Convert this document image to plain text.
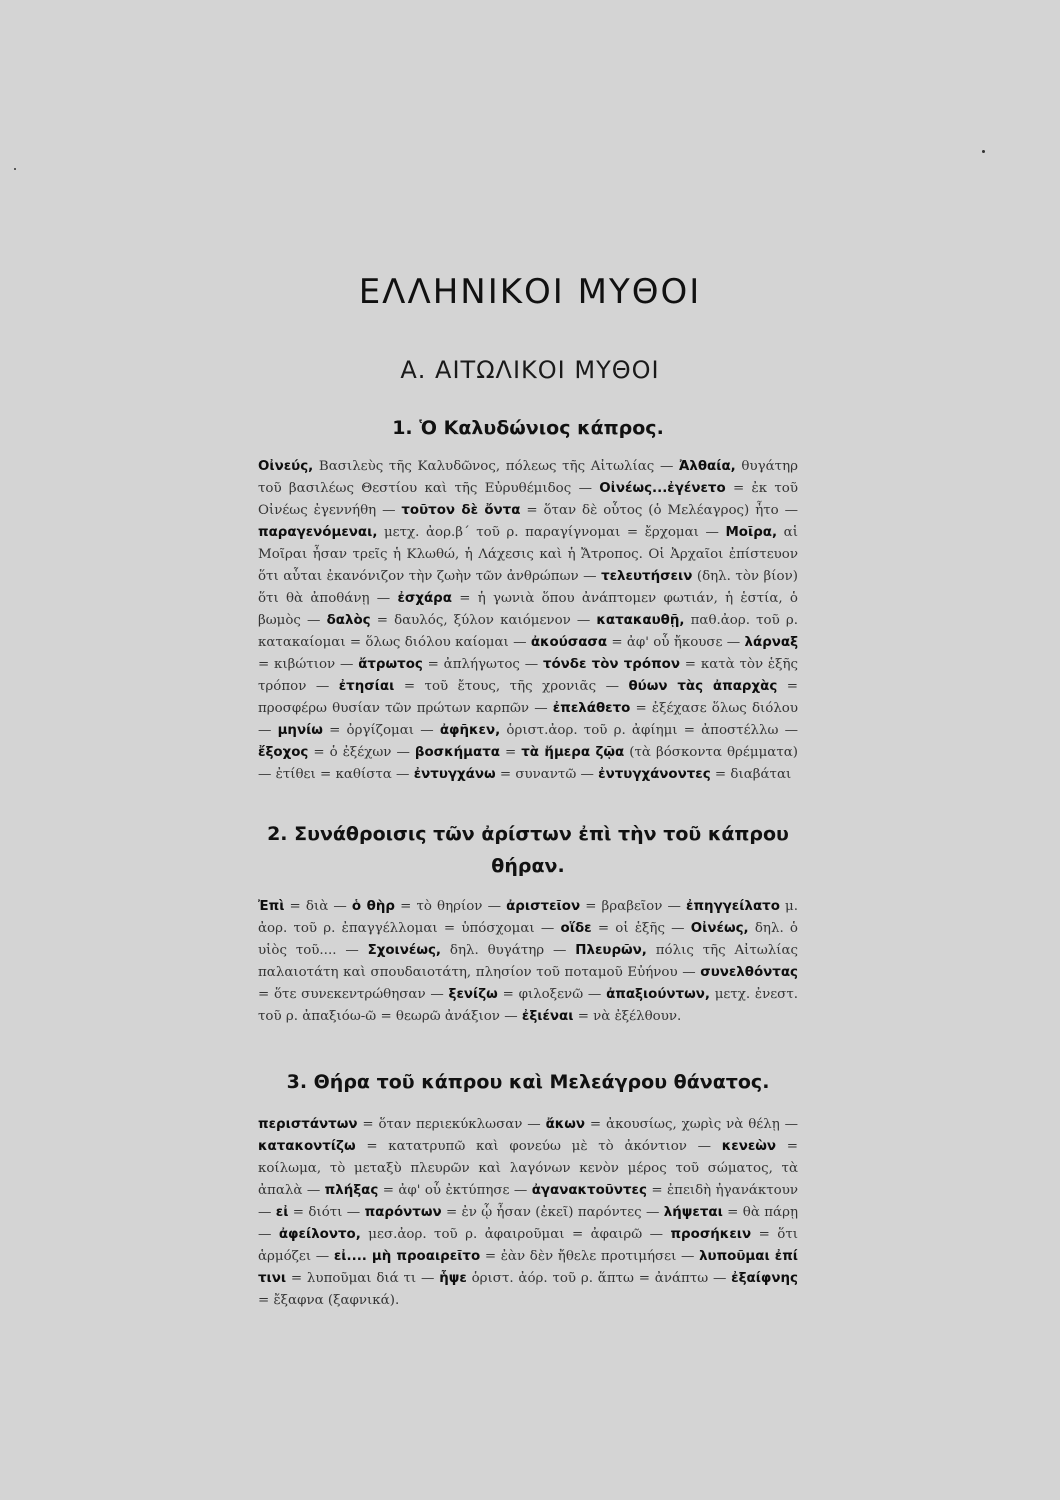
ΕΛΛΗΝΙΚΟΙ ΜΥΘΟΙ
Α. ΑΙΤΩΛΙΚΟΙ ΜΥΘΟΙ
1. Ὁ Καλυδώνιος κάπρος.

Οἰνεύς, Βασιλεὺς τῆς Καλυδῶνος, πόλεως τῆς Αἰτωλίας — Ἀλθαία, θυγάτηρ τοῦ βασιλέως Θεστίου καὶ τῆς Εὐρυθέμιδος — Οἰνέως...ἐγένετο = ἐκ τοῦ Οἰνέως ἐγεννήθη — τοῦτον δὲ ὄντα = ὅταν δὲ οὗτος (ὁ Μελέαγρος) ἦτο — παραγενόμεναι, μετχ. ἀορ.β΄ τοῦ ρ. παραγίγνομαι = ἔρχομαι — Μοῖρα, αἱ Μοῖραι ἦσαν τρεῖς ἡ Κλωθώ, ἡ Λάχεσις καὶ ἡ Ἄτροπος. Οἱ Ἀρχαῖοι ἐπίστευον ὅτι αὗται ἐκανόνιζον τὴν ζωὴν τῶν ἀνθρώπων — τελευτήσειν (δηλ. τὸν βίον) ὅτι θὰ ἀποθάνῃ — ἐσχάρα = ἡ γωνιὰ ὅπου ἀνάπτομεν φωτιάν, ἡ ἑστία, ὁ βωμὸς — δαλὸς = δαυλός, ξύλον καιόμενον — κατακαυθῇ, παθ.ἀορ. τοῦ ρ. κατακαίομαι = ὅλως διόλου καίομαι — ἀκούσασα = ἀφ' οὗ ἤκουσε — λάρναξ = κιβώτιον — ἄτρωτος = ἀπλήγωτος — τόνδε τὸν τρόπον = κατὰ τὸν ἑξῆς τρόπον — ἐτησίαι = τοῦ ἔτους, τῆς χρονιᾶς — θύων τὰς ἀπαρχὰς = προσφέρω θυσίαν τῶν πρώτων καρπῶν — ἐπελάθετο = ἐξέχασε ὅλως διόλου — μηνίω = ὀργίζομαι — ἀφῆκεν, ὁριστ.ἀορ. τοῦ ρ. ἀφίημι = ἀποστέλλω — ἔξοχος = ὁ ἐξέχων — βοσκήματα = τὰ ἥμερα ζῷα (τὰ βόσκοντα θρέμματα) — ἐτίθει = καθίστα — ἐντυγχάνω = συναντῶ — ἐντυγχάνοντες = διαβάται

2. Συνάθροισις τῶν ἀρίστων ἐπὶ τὴν τοῦ κάπρου θήραν.

Ἐπὶ = διὰ — ὁ θὴρ = τὸ θηρίον — ἀριστεῖον = βραβεῖον — ἐπηγγείλατο μ. ἀορ. τοῦ ρ. ἐπαγγέλλομαι = ὑπόσχομαι — οἵδε = οἱ ἑξῆς — Οἰνέως, δηλ. ὁ υἱὸς τοῦ.... — Σχοινέως, δηλ. θυγάτηρ — Πλευρῶν, πόλις τῆς Αἰτωλίας παλαιοτάτη καὶ σπουδαιοτάτη, πλησίον τοῦ ποταμοῦ Εὐήνου — συνελθόντας = ὅτε συνεκεντρώθησαν — ξενίζω = φιλοξενῶ — ἀπαξιούντων, μετχ. ἐνεστ. τοῦ ρ. ἀπαξιόω-ῶ = θεωρῶ ἀνάξιον — ἐξιέναι = νὰ ἐξέλθουν.

3. Θήρα τοῦ κάπρου καὶ Μελεάγρου θάνατος.

περιστάντων = ὅταν περιεκύκλωσαν — ἄκων = ἀκουσίως, χωρὶς νὰ θέλῃ — κατακοντίζω = κατατρυπῶ καὶ φονεύω μὲ τὸ ἀκόντιον — κενεὼν = κοίλωμα, τὸ μεταξὺ πλευρῶν καὶ λαγόνων κενὸν μέρος τοῦ σώματος, τὰ ἀπαλὰ — πλήξας = ἀφ' οὗ ἐκτύπησε — ἀγανακτοῦντες = ἐπειδὴ ἠγανάκτουν — εἰ = διότι — παρόντων = ἐν ᾧ ἦσαν (ἐκεῖ) παρόντες — λήψεται = θὰ πάρῃ — ἀφείλοντο, μεσ.ἀορ. τοῦ ρ. ἀφαιροῦμαι = ἀφαιρῶ — προσήκειν = ὅτι ἁρμόζει — εἰ.... μὴ προαιρεῖτο = ἐὰν δὲν ἤθελε προτιμήσει — λυποῦμαι ἐπί τινι = λυποῦμαι διά τι — ἧψε ὁριστ. ἀόρ. τοῦ ρ. ἅπτω = ἀνάπτω — ἐξαίφνης = ἔξαφνα (ξαφνικά).
